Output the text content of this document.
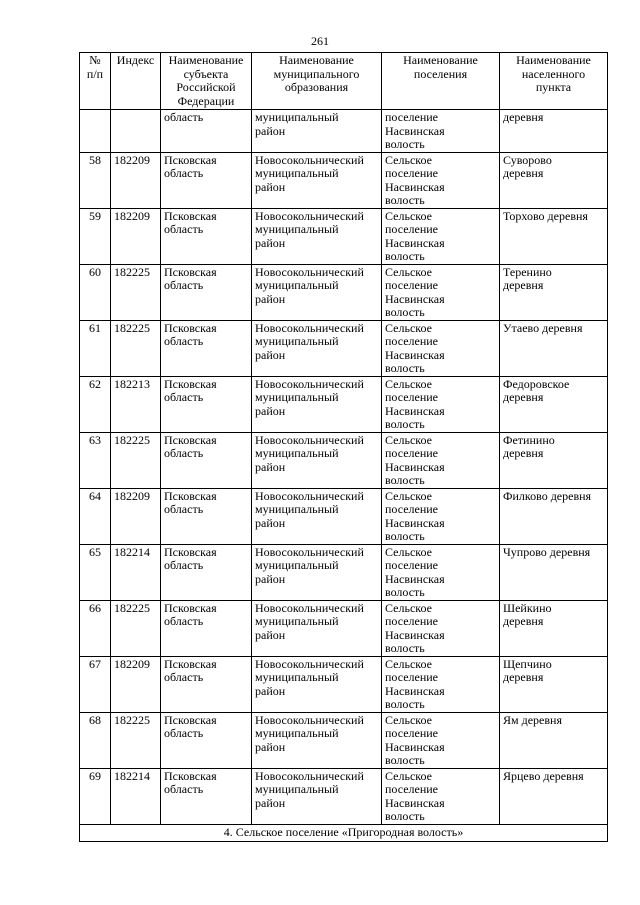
261
№
п/п	Индекс	Наименование
субъекта
Российской
Федерации	Наименование
муниципального
образования	Наименование
поселения	Наименование
населенного
пункта

		область	муниципальный
район	поселение
Насвинская
волость	деревня

58	182209	Псковская
область	Новосокольнический
муниципальный
район	Сельское
поселение
Насвинская
волость	Суворово
деревня

59	182209	Псковская
область	Новосокольнический
муниципальный
район	Сельское
поселение
Насвинская
волость	Торхово деревня

60	182225	Псковская
область	Новосокольнический
муниципальный
район	Сельское
поселение
Насвинская
волость	Теренино
деревня

61	182225	Псковская
область	Новосокольнический
муниципальный
район	Сельское
поселение
Насвинская
волость	Утаево деревня

62	182213	Псковская
область	Новосокольнический
муниципальный
район	Сельское
поселение
Насвинская
волость	Федоровское
деревня

63	182225	Псковская
область	Новосокольнический
муниципальный
район	Сельское
поселение
Насвинская
волость	Фетинино
деревня

64	182209	Псковская
область	Новосокольнический
муниципальный
район	Сельское
поселение
Насвинская
волость	Филково деревня

65	182214	Псковская
область	Новосокольнический
муниципальный
район	Сельское
поселение
Насвинская
волость	Чупрово деревня

66	182225	Псковская
область	Новосокольнический
муниципальный
район	Сельское
поселение
Насвинская
волость	Шейкино
деревня

67	182209	Псковская
область	Новосокольнический
муниципальный
район	Сельское
поселение
Насвинская
волость	Щепчино
деревня

68	182225	Псковская
область	Новосокольнический
муниципальный
район	Сельское
поселение
Насвинская
волость	Ям деревня

69	182214	Псковская
область	Новосокольнический
муниципальный
район	Сельское
поселение
Насвинская
волость	Ярцево деревня

4. Сельское поселение «Пригородная волость»					
